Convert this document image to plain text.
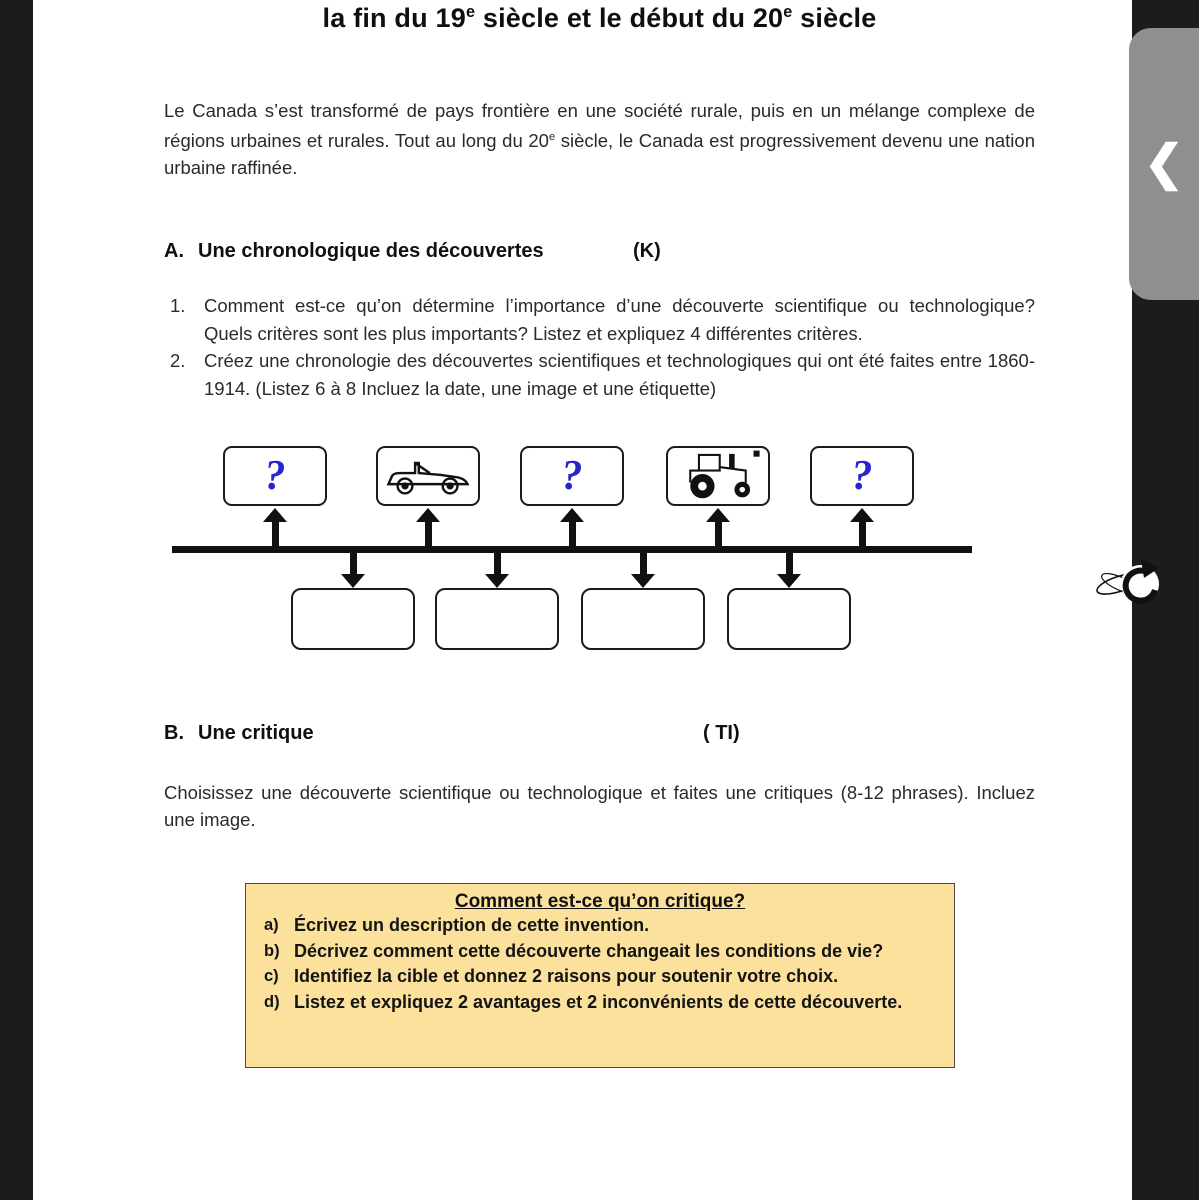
la fin du 19e siècle et le début du 20e siècle

Le Canada s’est transformé de pays frontière en une société rurale, puis en un mélange complexe de régions urbaines et rurales. Tout au long du 20e siècle, le Canada est progressivement devenu une nation urbaine raffinée.

A. Une chronologique des découvertes	(K)
1.	Comment est-ce qu’on détermine l’importance d’une découverte scientifique ou technologique? Quels critères sont les plus importants? Listez et expliquez 4 différentes critères.
2.	Créez une chronologie des découvertes scientifiques et technologiques qui ont été faites entre 1860-1914. (Listez 6 à 8 Incluez la date, une image et une étiquette)
?	?	?
B. Une critique	( TI)

Choisissez une découverte scientifique ou technologique et faites une critiques (8-12 phrases). Incluez une image.

Comment est-ce qu’on critique?
a) Écrivez un description de cette invention.
b) Décrivez comment cette découverte changeait les conditions de vie?
c) Identifiez la cible et donnez 2 raisons pour soutenir votre choix.
d) Listez et expliquez 2 avantages et 2 inconvénients de cette découverte.
❮
